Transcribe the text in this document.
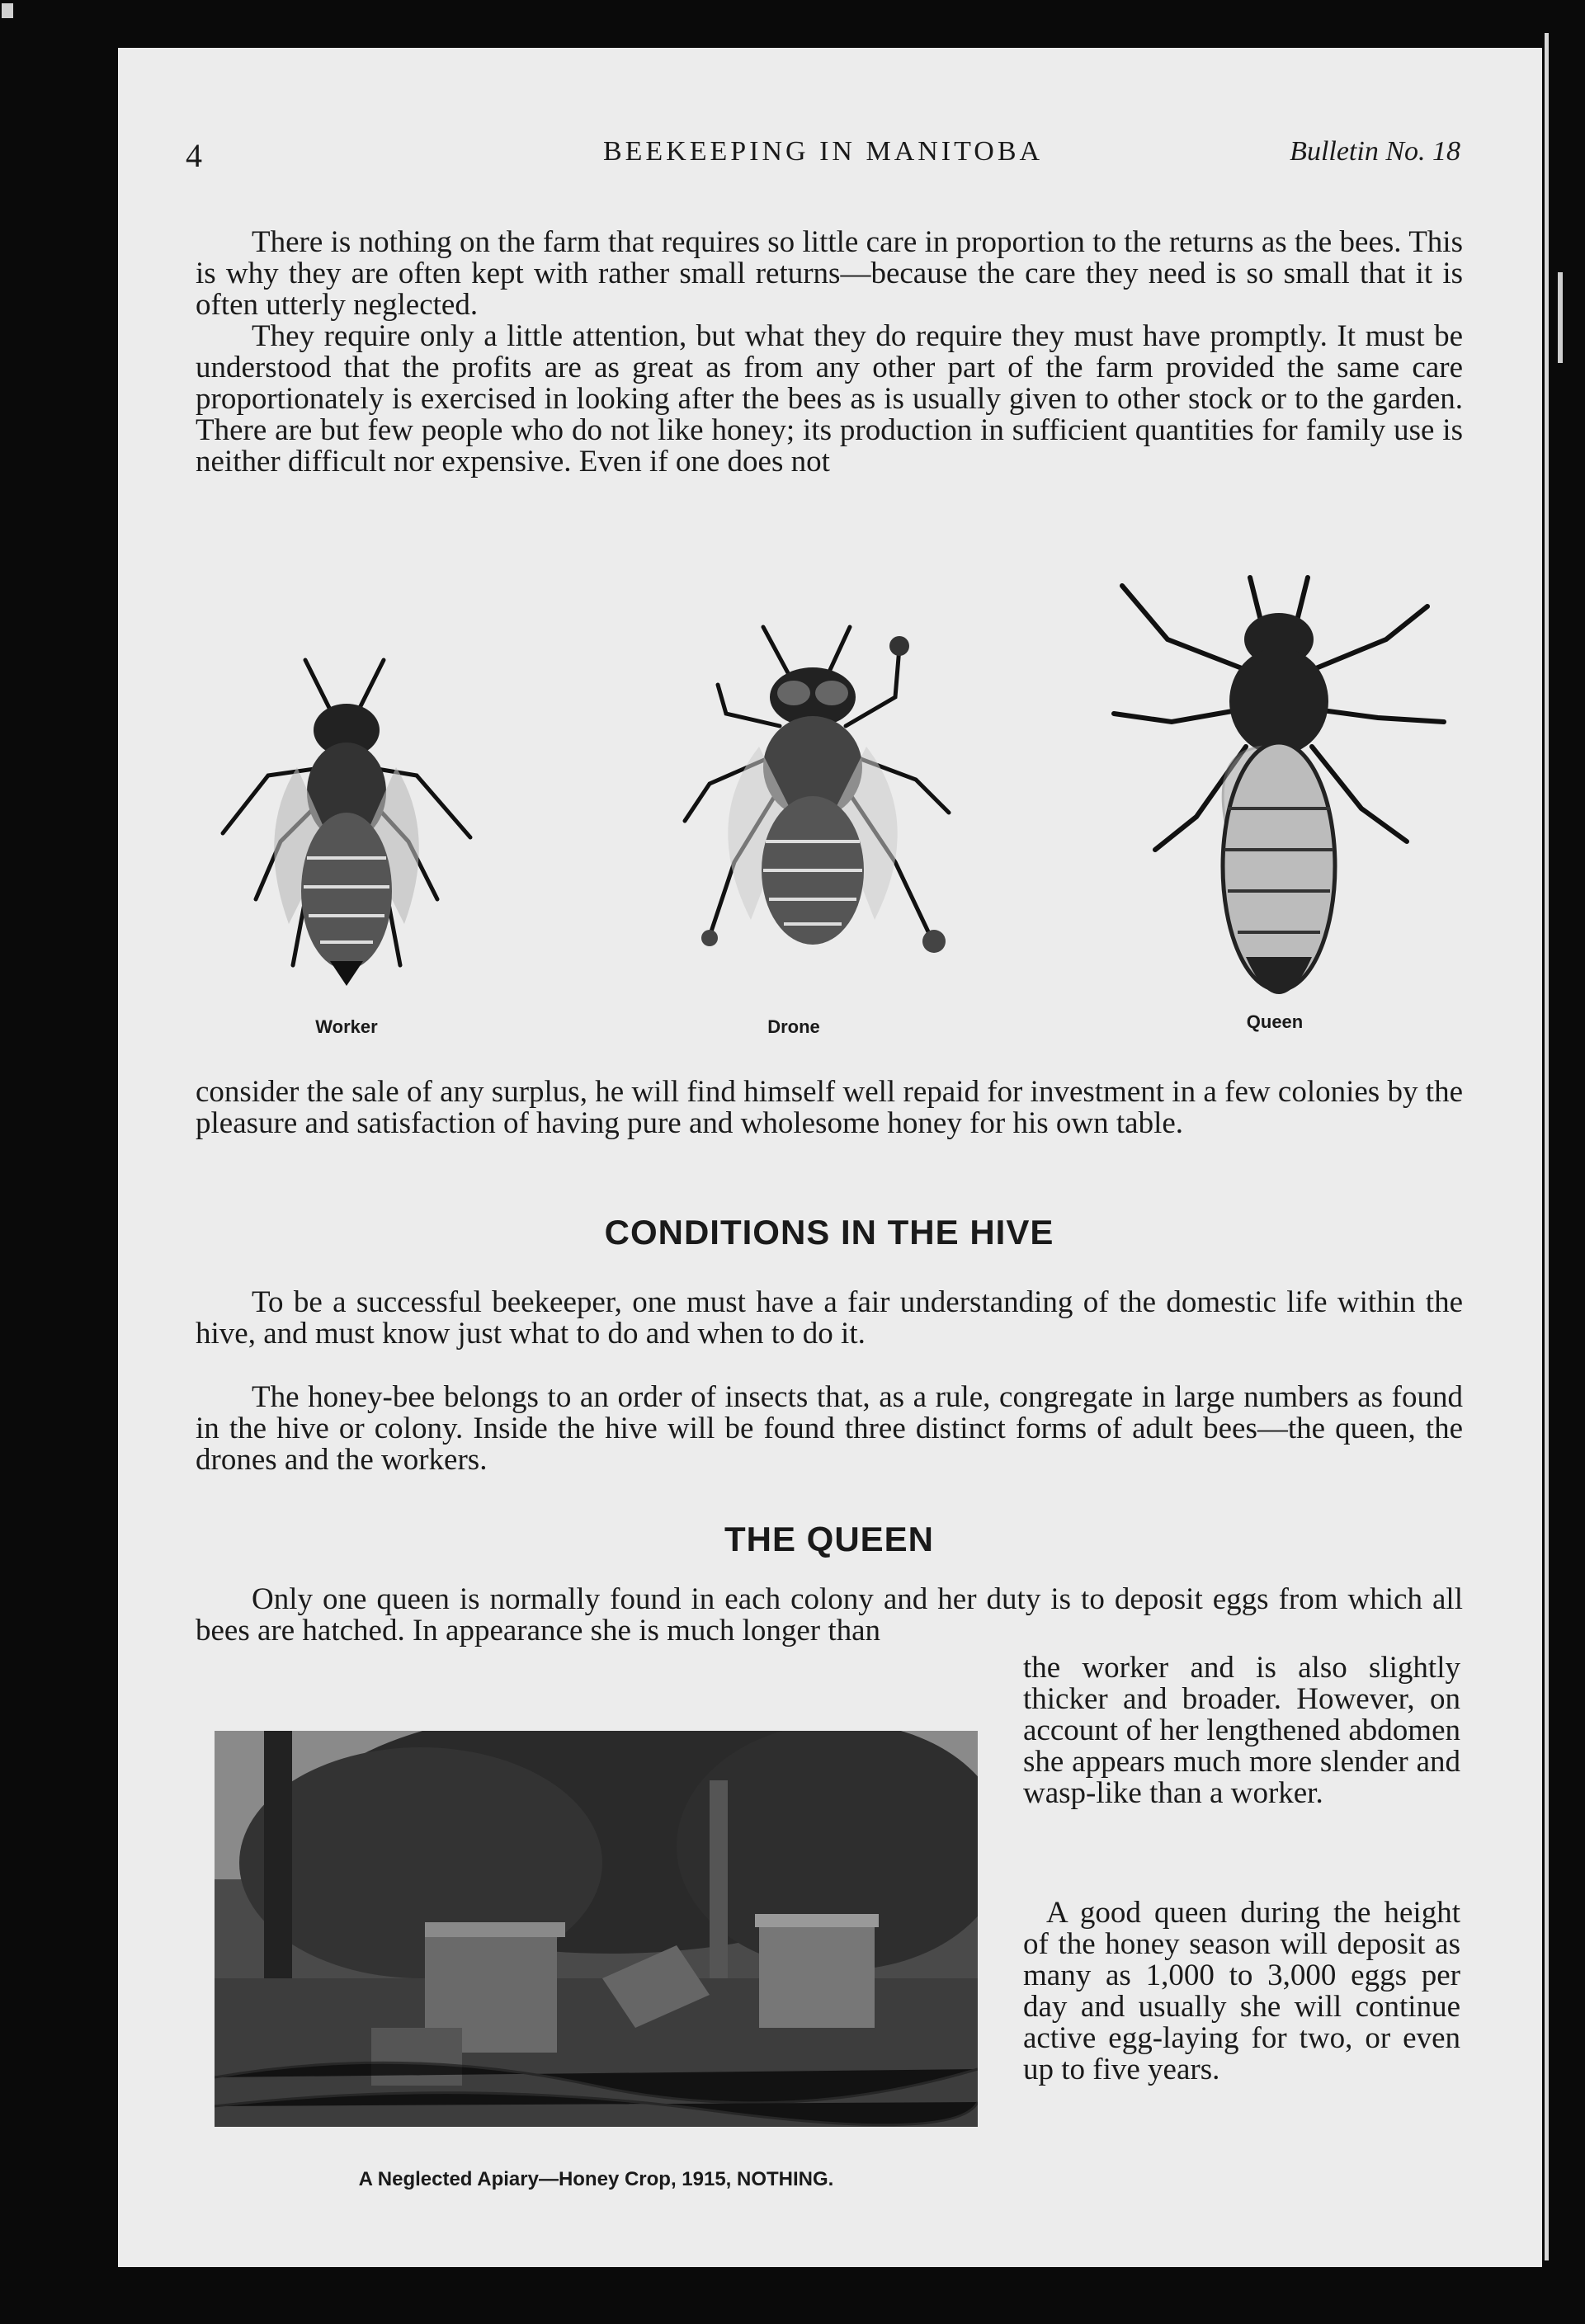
4	BEEKEEPING IN MANITOBA	Bulletin No. 18

There is nothing on the farm that requires so little care in proportion to the returns as the bees. This is why they are often kept with rather small returns—because the care they need is so small that it is often utterly neglected.
They require only a little attention, but what they do require they must have promptly. It must be understood that the profits are as great as from any other part of the farm provided the same care proportionately is exercised in looking after the bees as is usually given to other stock or to the garden. There are but few people who do not like honey; its production in sufficient quantities for family use is neither difficult nor expensive. Even if one does not

Worker	Drone	Queen

consider the sale of any surplus, he will find himself well repaid for investment in a few colonies by the pleasure and satisfaction of having pure and wholesome honey for his own table.

CONDITIONS IN THE HIVE

To be a successful beekeeper, one must have a fair understanding of the domestic life within the hive, and must know just what to do and when to do it.

The honey-bee belongs to an order of insects that, as a rule, congregate in large numbers as found in the hive or colony. Inside the hive will be found three distinct forms of adult bees—the queen, the drones and the workers.

THE QUEEN

Only one queen is normally found in each colony and her duty is to deposit eggs from which all bees are hatched. In appearance she is much longer than

the worker and is also slightly thicker and broader. However, on account of her lengthened abdomen she appears much more slender and wasp-like than a worker.

A good queen during the height of the honey season will deposit as many as 1,000 to 3,000 eggs per day and usually she will continue active egg-laying for two, or even up to five years.

A Neglected Apiary—Honey Crop, 1915, NOTHING.
